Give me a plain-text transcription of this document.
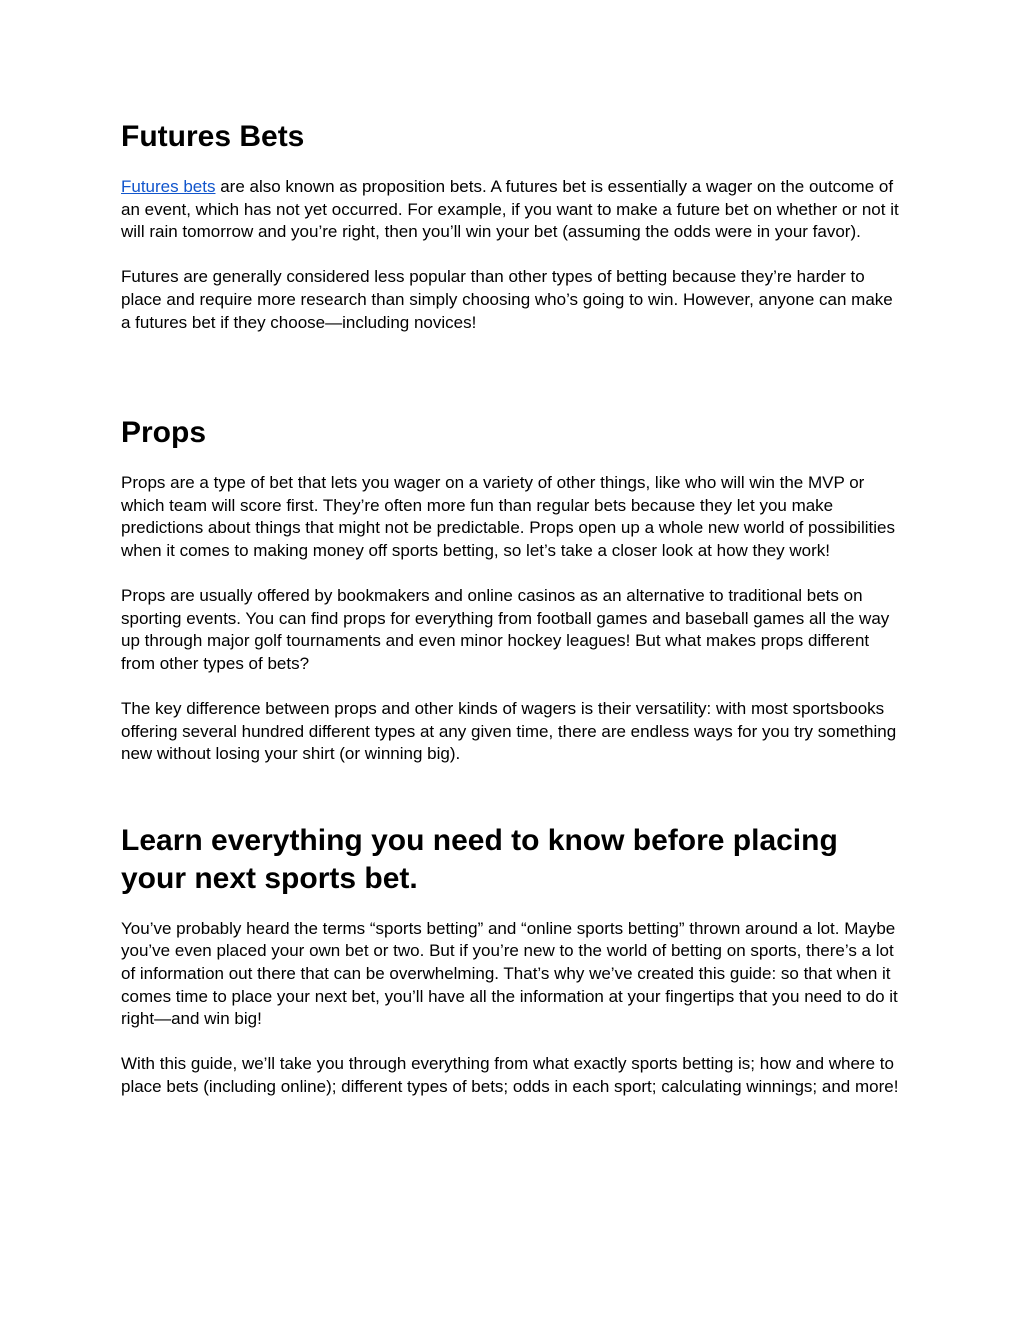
Futures Bets

Futures bets are also known as proposition bets. A futures bet is essentially a wager on the outcome of an event, which has not yet occurred. For example, if you want to make a future bet on whether or not it will rain tomorrow and you’re right, then you’ll win your bet (assuming the odds were in your favor).

Futures are generally considered less popular than other types of betting because they’re harder to place and require more research than simply choosing who’s going to win. However, anyone can make a futures bet if they choose—including novices!

Props

Props are a type of bet that lets you wager on a variety of other things, like who will win the MVP or which team will score first. They’re often more fun than regular bets because they let you make predictions about things that might not be predictable. Props open up a whole new world of possibilities when it comes to making money off sports betting, so let’s take a closer look at how they work!

Props are usually offered by bookmakers and online casinos as an alternative to traditional bets on sporting events. You can find props for everything from football games and baseball games all the way up through major golf tournaments and even minor hockey leagues! But what makes props different from other types of bets?

The key difference between props and other kinds of wagers is their versatility: with most sportsbooks offering several hundred different types at any given time, there are endless ways for you try something new without losing your shirt (or winning big).

Learn everything you need to know before placing your next sports bet.

You’ve probably heard the terms “sports betting” and “online sports betting” thrown around a lot. Maybe you’ve even placed your own bet or two. But if you’re new to the world of betting on sports, there’s a lot of information out there that can be overwhelming. That’s why we’ve created this guide: so that when it comes time to place your next bet, you’ll have all the information at your fingertips that you need to do it right—and win big!

With this guide, we’ll take you through everything from what exactly sports betting is; how and where to place bets (including online); different types of bets; odds in each sport; calculating winnings; and more!
